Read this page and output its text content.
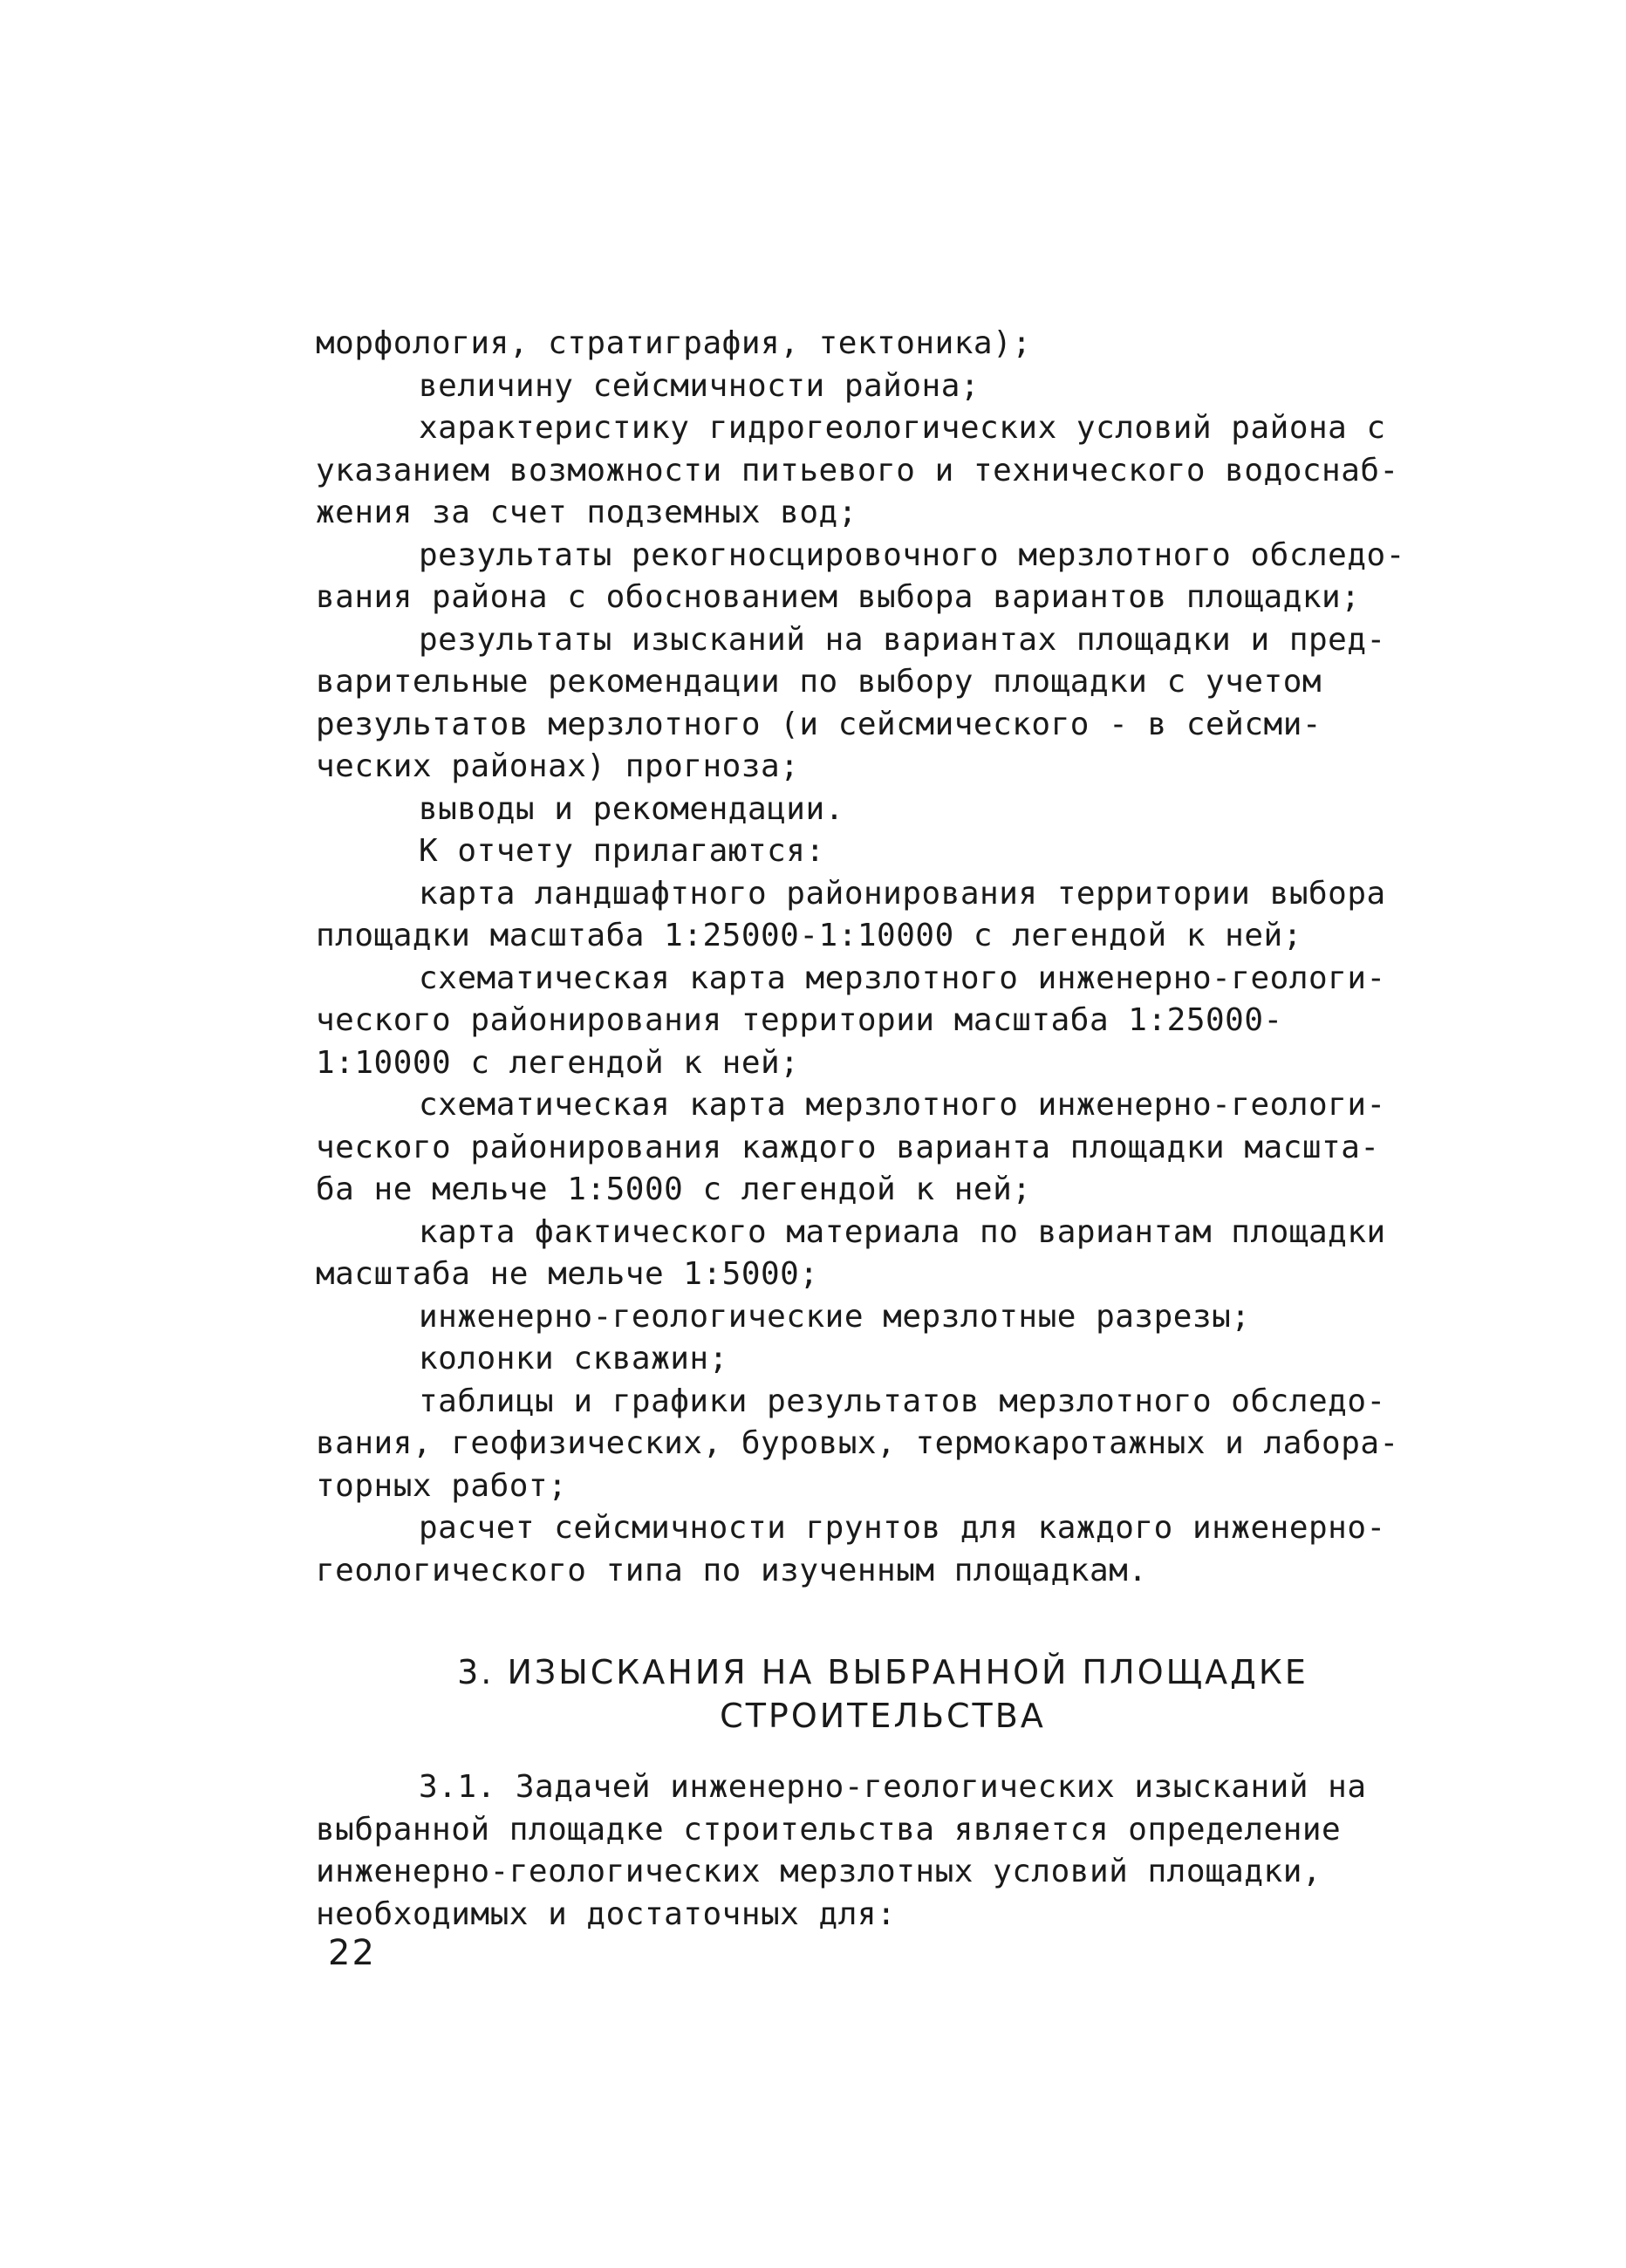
морфология, стратиграфия, тектоника);
величину сейсмичности района;
характеристику гидрогеологических условий района с
указанием возможности питьевого и технического водоснаб-
жения за счет подземных вод;
результаты рекогносцировочного мерзлотного обследо-
вания района с обоснованием выбора вариантов площадки;
результаты изысканий на вариантах площадки и пред-
варительные рекомендации по выбору площадки с учетом
результатов мерзлотного (и сейсмического - в сейсми-
ческих районах) прогноза;
выводы и рекомендации.
К отчету прилагаются:
карта ландшафтного районирования территории выбора
площадки масштаба 1:25000-1:10000 с легендой к ней;
схематическая карта мерзлотного инженерно-геологи-
ческого районирования территории масштаба 1:25000-
1:10000 с легендой к ней;
схематическая карта мерзлотного инженерно-геологи-
ческого районирования каждого варианта площадки масшта-
ба не мельче 1:5000 с легендой к ней;
карта фактического материала по вариантам площадки
масштаба не мельче 1:5000;
инженерно-геологические мерзлотные разрезы;
колонки скважин;
таблицы и графики результатов мерзлотного обследо-
вания, геофизических, буровых, термокаротажных и лабора-
торных работ;
расчет сейсмичности грунтов для каждого инженерно-
геологического типа по изученным площадкам.
3. ИЗЫСКАНИЯ НА ВЫБРАННОЙ ПЛОЩАДКЕ
СТРОИТЕЛЬСТВА
3.1. Задачей инженерно-геологических изысканий на
выбранной площадке строительства является определение
инженерно-геологических мерзлотных условий площадки,
необходимых и достаточных для:
22
